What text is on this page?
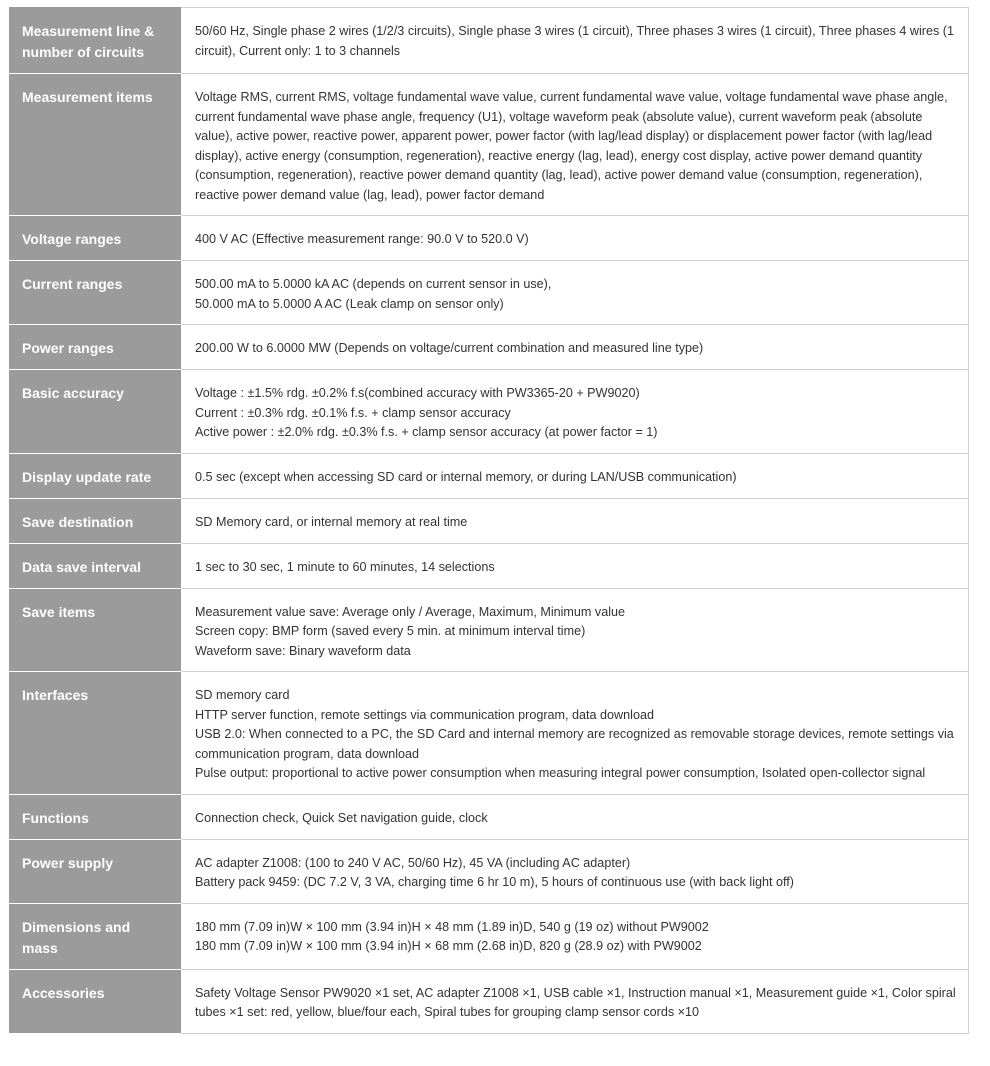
Measurement line & number of circuits	50/60 Hz, Single phase 2 wires (1/2/3 circuits), Single phase 3 wires (1 circuit), Three phases 3 wires (1 circuit), Three phases 4 wires (1 circuit), Current only: 1 to 3 channels

Measurement items	Voltage RMS, current RMS, voltage fundamental wave value, current fundamental wave value, voltage fundamental wave phase angle, current fundamental wave phase angle, frequency (U1), voltage waveform peak (absolute value), current waveform peak (absolute value), active power, reactive power, apparent power, power factor (with lag/lead display) or displacement power factor (with lag/lead display), active energy (consumption, regeneration), reactive energy (lag, lead), energy cost display, active power demand quantity (consumption, regeneration), reactive power demand quantity (lag, lead), active power demand value (consumption, regeneration), reactive power demand value (lag, lead), power factor demand

Voltage ranges	400 V AC (Effective measurement range: 90.0 V to 520.0 V)

Current ranges	500.00 mA to 5.0000 kA AC (depends on current sensor in use),
50.000 mA to 5.0000 A AC (Leak clamp on sensor only)

Power ranges	200.00 W to 6.0000 MW (Depends on voltage/current combination and measured line type)

Basic accuracy	Voltage : ±1.5% rdg. ±0.2% f.s(combined accuracy with PW3365-20 + PW9020)
Current : ±0.3% rdg. ±0.1% f.s. + clamp sensor accuracy
Active power : ±2.0% rdg. ±0.3% f.s. + clamp sensor accuracy (at power factor = 1)

Display update rate	0.5 sec (except when accessing SD card or internal memory, or during LAN/USB communication)

Save destination	SD Memory card, or internal memory at real time

Data save interval	1 sec to 30 sec, 1 minute to 60 minutes, 14 selections

Save items	Measurement value save: Average only / Average, Maximum, Minimum value
Screen copy: BMP form (saved every 5 min. at minimum interval time)
Waveform save: Binary waveform data

Interfaces	SD memory card
HTTP server function, remote settings via communication program, data download
USB 2.0: When connected to a PC, the SD Card and internal memory are recognized as removable storage devices, remote settings via communication program, data download
Pulse output: proportional to active power consumption when measuring integral power consumption, Isolated open-collector signal

Functions	Connection check, Quick Set navigation guide, clock

Power supply	AC adapter Z1008: (100 to 240 V AC, 50/60 Hz), 45 VA (including AC adapter)
Battery pack 9459: (DC 7.2 V, 3 VA, charging time 6 hr 10 m), 5 hours of continuous use (with back light off)

Dimensions and mass	180 mm (7.09 in)W × 100 mm (3.94 in)H × 48 mm (1.89 in)D, 540 g (19 oz) without PW9002
180 mm (7.09 in)W × 100 mm (3.94 in)H × 68 mm (2.68 in)D, 820 g (28.9 oz) with PW9002

Accessories	Safety Voltage Sensor PW9020 ×1 set, AC adapter Z1008 ×1, USB cable ×1, Instruction manual ×1, Measurement guide ×1, Color spiral tubes ×1 set: red, yellow, blue/four each, Spiral tubes for grouping clamp sensor cords ×10
